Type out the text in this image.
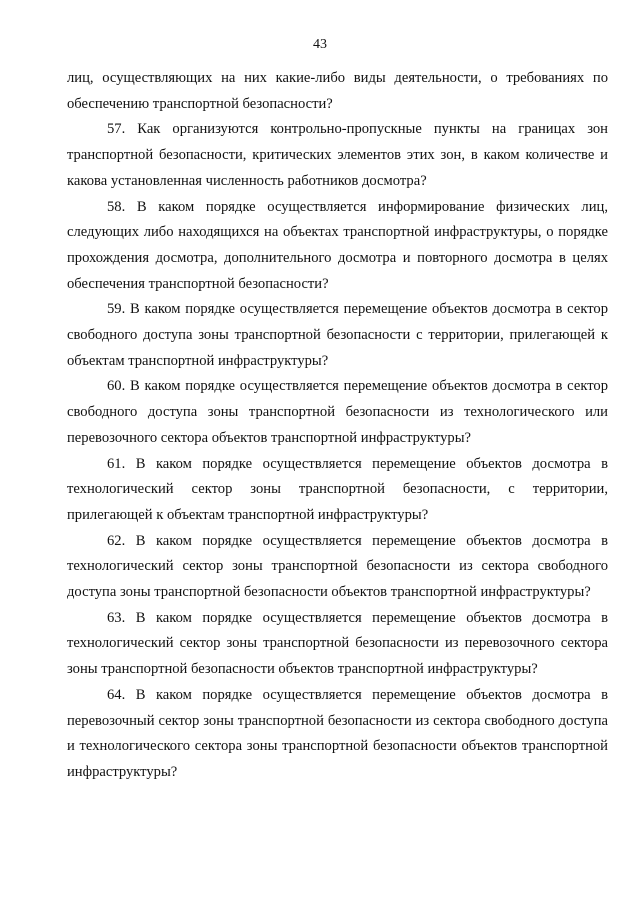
43

лиц, осуществляющих на них какие-либо виды деятельности, о требованиях по обеспечению транспортной безопасности?

57. Как организуются контрольно-пропускные пункты на границах зон транспортной безопасности, критических элементов этих зон, в каком количестве и какова установленная численность работников досмотра?

58. В каком порядке осуществляется информирование физических лиц, следующих либо находящихся на объектах транспортной инфраструктуры, о порядке прохождения досмотра, дополнительного досмотра и повторного досмотра в целях обеспечения транспортной безопасности?

59. В каком порядке осуществляется перемещение объектов досмотра в сектор свободного доступа зоны транспортной безопасности с территории, прилегающей к объектам транспортной инфраструктуры?

60. В каком порядке осуществляется перемещение объектов досмотра в сектор свободного доступа зоны транспортной безопасности из технологического или перевозочного сектора объектов транспортной инфраструктуры?

61. В каком порядке осуществляется перемещение объектов досмотра в технологический сектор зоны транспортной безопасности, с территории, прилегающей к объектам транспортной инфраструктуры?

62. В каком порядке осуществляется перемещение объектов досмотра в технологический сектор зоны транспортной безопасности из сектора свободного доступа зоны транспортной безопасности объектов транспортной инфраструктуры?

63. В каком порядке осуществляется перемещение объектов досмотра в технологический сектор зоны транспортной безопасности из перевозочного сектора зоны транспортной безопасности объектов транспортной инфраструктуры?

64. В каком порядке осуществляется перемещение объектов досмотра в перевозочный сектор зоны транспортной безопасности из сектора свободного доступа и технологического сектора зоны транспортной безопасности объектов транспортной инфраструктуры?
